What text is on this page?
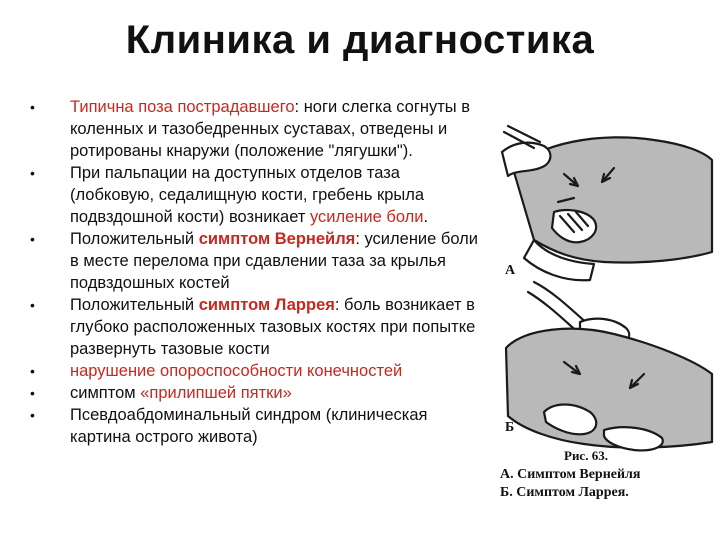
Клиника и диагностика
• Типична поза пострадавшего: ноги слегка согнуты в коленных и тазобедренных суставах, отведены и ротированы кнаружи (положение "лягушки").
• При пальпации на доступных отделов таза (лобковую, седалищную кости, гребень крыла подвздошной кости) возникает усиление боли.
• Положительный симптом Вернейля: усиление боли в месте перелома при сдавлении таза за крылья подвздошных костей
• Положительный симптом Ларрея: боль возникает в глубоко расположенных тазовых костях при попытке развернуть тазовые кости
• нарушение опороспособности конечностей
• симптом «прилипшей пятки»
• Псевдоабдоминальный синдром (клиническая картина острого живота)
А
Б
Рис. 63.
А. Симптом Вернейля
Б. Симптом Ларрея.
